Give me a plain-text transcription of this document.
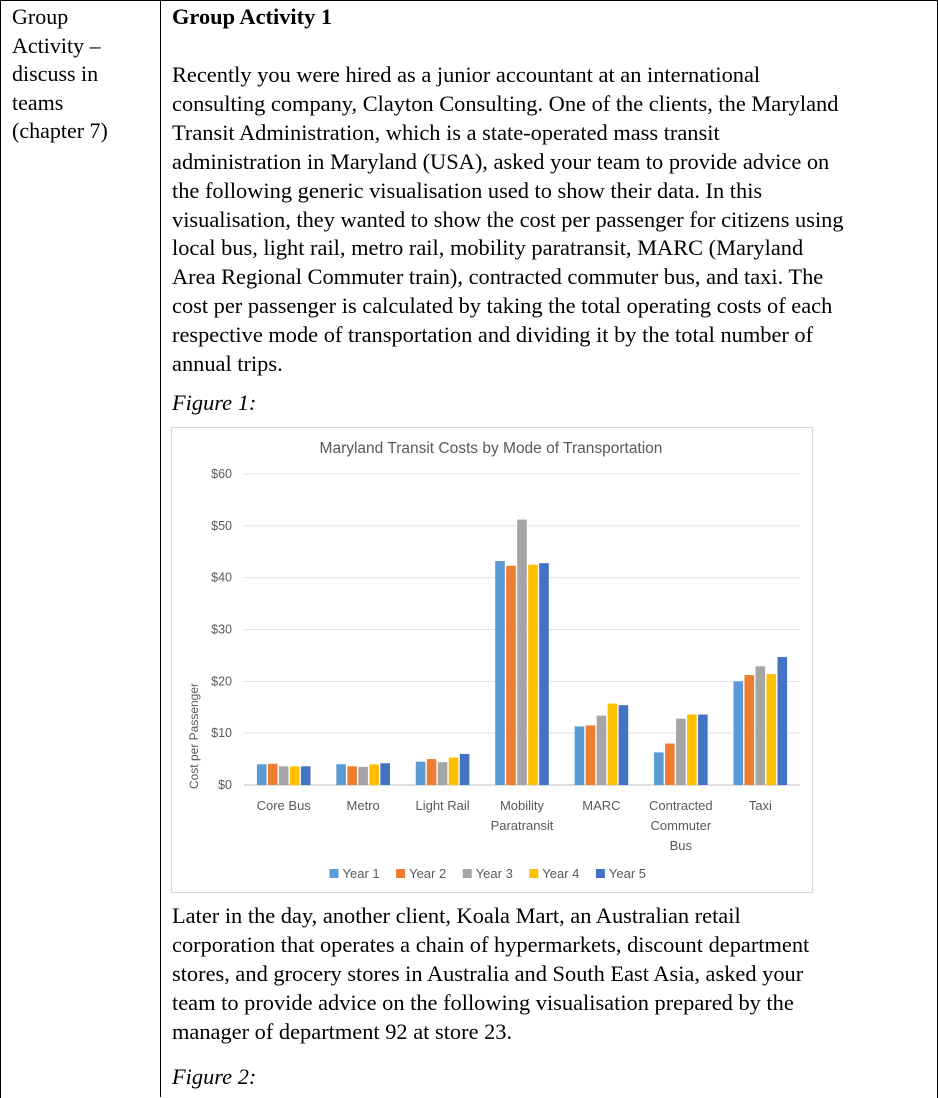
Group
Activity –
discuss in
teams
(chapter 7)

Group Activity 1

Recently you were hired as a junior accountant at an international
consulting company, Clayton Consulting. One of the clients, the Maryland
Transit Administration, which is a state-operated mass transit
administration in Maryland (USA), asked your team to provide advice on
the following generic visualisation used to show their data. In this
visualisation, they wanted to show the cost per passenger for citizens using
local bus, light rail, metro rail, mobility paratransit, MARC (Maryland
Area Regional Commuter train), contracted commuter bus, and taxi. The
cost per passenger is calculated by taking the total operating costs of each
respective mode of transportation and dividing it by the total number of
annual trips.

Figure 1:

Later in the day, another client, Koala Mart, an Australian retail
corporation that operates a chain of hypermarkets, discount department
stores, and grocery stores in Australia and South East Asia, asked your
team to provide advice on the following visualisation prepared by the
manager of department 92 at store 23.

Figure 2:

Maryland Transit Costs by Mode of Transportation
Cost per Passenger $0
$10
$20
$30
$40
$50
$60
Core Bus	Metro	Light Rail Mobility
Paratransit
MARC Contracted
Commuter
Bus
Taxi
Year 1 Year 2 Year 3 Year 4 Year 5
